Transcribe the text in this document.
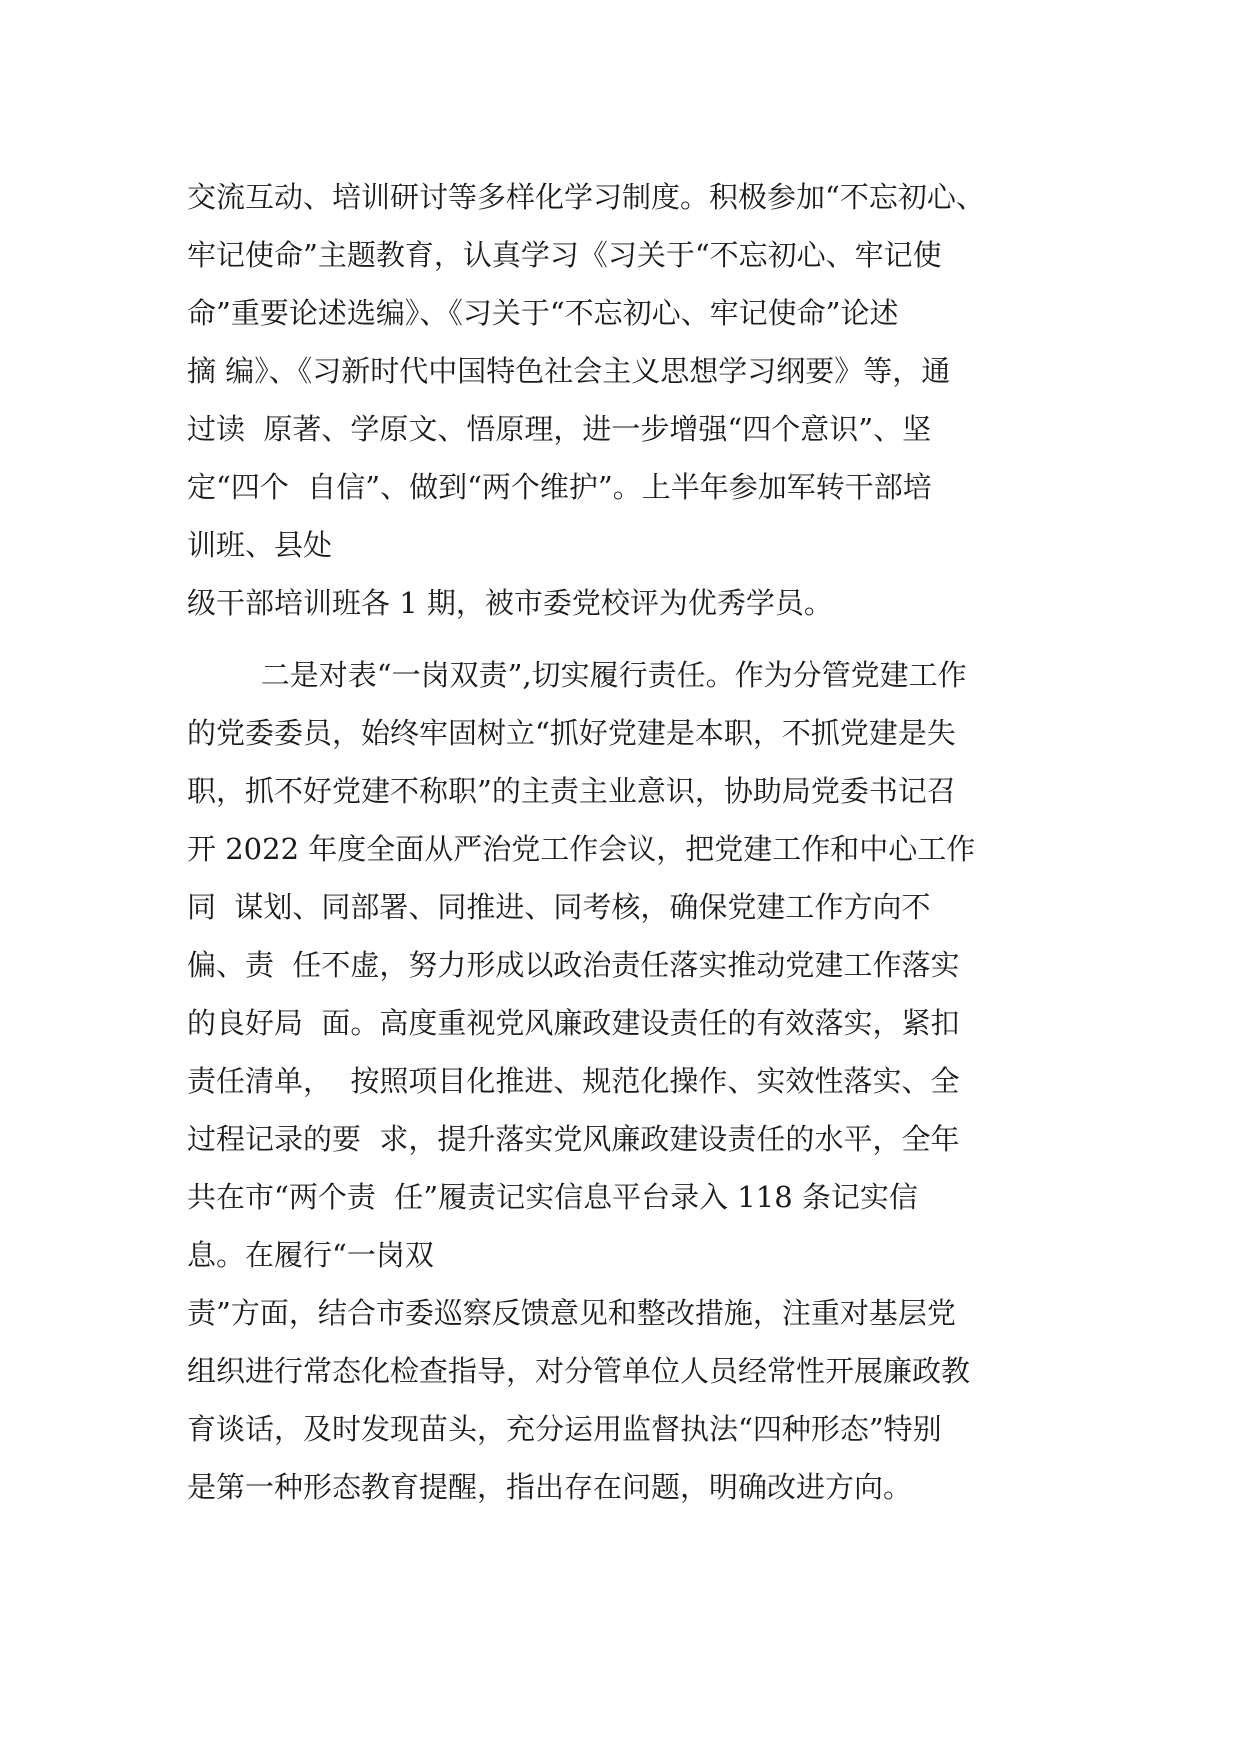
交流互动、培训研讨等多样化学习制度。积极参加“不忘初心、
牢记使命”主题教育，认真学习《习关于“不忘初心、牢记使
命”重要论述选编》、《习关于“不忘初心、牢记使命”论述
摘 编》、《习新时代中国特色社会主义思想学习纲要》等，通
过读  原著、学原文、悟原理，进一步增强“四个意识”、坚
定“四个  自信”、做到“两个维护”。上半年参加军转干部培
训班、县处
级干部培训班各 1 期，被市委党校评为优秀学员。
二是对表“一岗双责”,切实履行责任。作为分管党建工作
的党委委员，始终牢固树立“抓好党建是本职，不抓党建是失
职，抓不好党建不称职”的主责主业意识，协助局党委书记召
开 2022 年度全面从严治党工作会议，把党建工作和中心工作
同  谋划、同部署、同推进、同考核，确保党建工作方向不
偏、责  任不虚，努力形成以政治责任落实推动党建工作落实
的良好局  面。高度重视党风廉政建设责任的有效落实，紧扣
责任清单，  按照项目化推进、规范化操作、实效性落实、全
过程记录的要  求，提升落实党风廉政建设责任的水平，全年
共在市“两个责  任”履责记实信息平台录入 118 条记实信
息。在履行“一岗双
责”方面，结合市委巡察反馈意见和整改措施，注重对基层党
组织进行常态化检查指导，对分管单位人员经常性开展廉政教
育谈话，及时发现苗头，充分运用监督执法“四种形态”特别
是第一种形态教育提醒，指出存在问题，明确改进方向。
